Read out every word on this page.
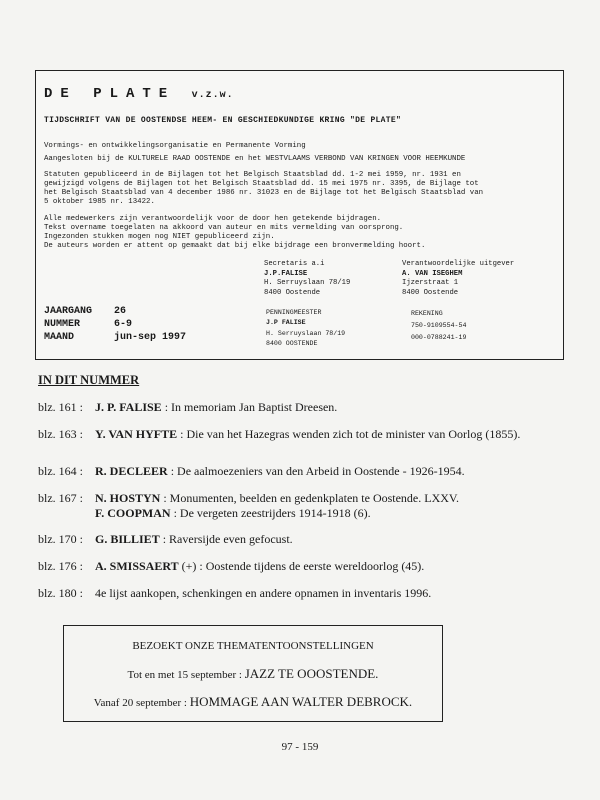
DE PLATE v.z.w.
TIJDSCHRIFT VAN DE OOSTENDSE HEEM- EN GESCHIEDKUNDIGE KRING "DE PLATE"
Vormings- en ontwikkelingsorganisatie en Permanente Vorming
Aangesloten bij de KULTURELE RAAD OOSTENDE en het WESTVLAAMS VERBOND VAN KRINGEN VOOR HEEMKUNDE
Statuten gepubliceerd in de Bijlagen tot het Belgisch Staatsblad dd. 1-2 mei 1959, nr. 1931 en
gewijzigd volgens de Bijlagen tot het Belgisch Staatsblad dd. 15 mei 1975 nr. 3395, de Bijlage tot
het Belgisch Staatsblad van 4 december 1986 nr. 31023 en de Bijlage tot het Belgisch Staatsblad van
5 oktober 1985 nr. 13422.
Alle medewerkers zijn verantwoordelijk voor de door hen getekende bijdragen.
Tekst overname toegelaten na akkoord van auteur en mits vermelding van oorsprong.
Ingezonden stukken mogen nog NIET gepubliceerd zijn.
De auteurs worden er attent op gemaakt dat bij elke bijdrage een bronvermelding hoort.
Secretaris a.i
J.P.FALISE
H. Serruyslaan 78/19
8400 Oostende
Verantwoordelijke uitgever
A. VAN ISEGHEM
Ijzerstraat 1
8400 Oostende
PENNINGMEESTER
J.P FALISE
H. Serruyslaan 78/19
8400 OOSTENDE
REKENING
750-9109554-54
000-0788241-19
JAARGANG	26
NUMMER	6-9
MAAND	jun-sep 1997
IN DIT NUMMER
blz. 161 :	J. P. FALISE : In memoriam Jan Baptist Dreesen.
blz. 163 :	Y. VAN HYFTE : Die van het Hazegras wenden zich tot de minister van Oorlog (1855).
blz. 164 :	R. DECLEER : De aalmoezeniers van den Arbeid in Oostende - 1926-1954.
blz. 167 :	N. HOSTYN : Monumenten, beelden en gedenkplaten te Oostende. LXXV.
F. COOPMAN : De vergeten zeestrijders 1914-1918 (6).
blz. 170 :	G. BILLIET : Raversijde even gefocust.
blz. 176 :	A. SMISSAERT (+) : Oostende tijdens de eerste wereldoorlog (45).
blz. 180 :	4e lijst aankopen, schenkingen en andere opnamen in inventaris 1996.
BEZOEKT ONZE THEMATENTOONSTELLINGEN
Tot en met 15 september : JAZZ TE OOOSTENDE.
Vanaf 20 september : HOMMAGE AAN WALTER DEBROCK.
97 - 159
